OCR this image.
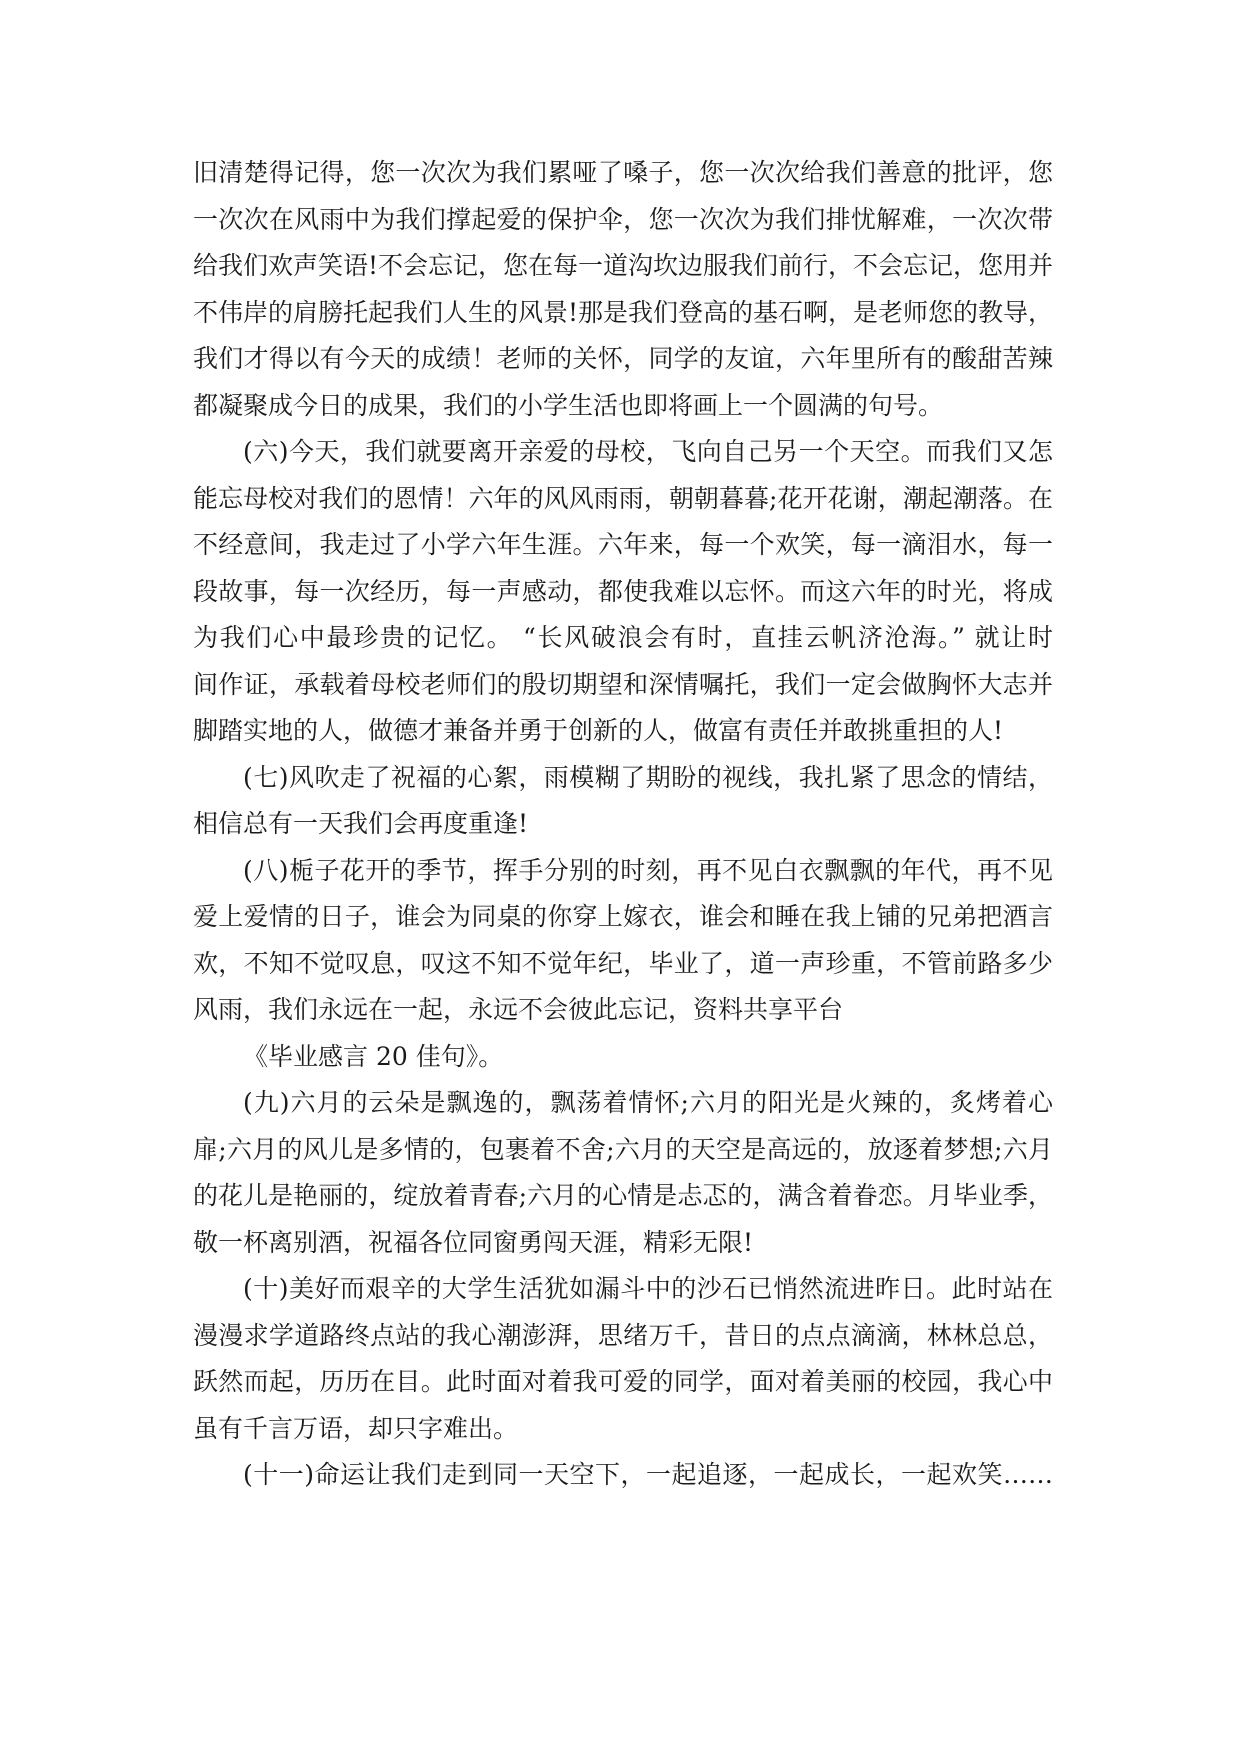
旧清楚得记得，您一次次为我们累哑了嗓子，您一次次给我们善意的批评，您
一次次在风雨中为我们撑起爱的保护伞，您一次次为我们排忧解难，一次次带
给我们欢声笑语!不会忘记，您在每一道沟坎边服我们前行，不会忘记，您用并
不伟岸的肩膀托起我们人生的风景!那是我们登高的基石啊，是老师您的教导，
我们才得以有今天的成绩！老师的关怀，同学的友谊，六年里所有的酸甜苦辣
都凝聚成今日的成果，我们的小学生活也即将画上一个圆满的句号。
(六)今天，我们就要离开亲爱的母校，飞向自己另一个天空。而我们又怎
能忘母校对我们的恩情！六年的风风雨雨，朝朝暮暮;花开花谢，潮起潮落。在
不经意间，我走过了小学六年生涯。六年来，每一个欢笑，每一滴泪水，每一
段故事，每一次经历，每一声感动，都使我难以忘怀。而这六年的时光，将成
为我们心中最珍贵的记忆。 “长风破浪会有时，直挂云帆济沧海。” 就让时
间作证，承载着母校老师们的殷切期望和深情嘱托，我们一定会做胸怀大志并
脚踏实地的人，做德才兼备并勇于创新的人，做富有责任并敢挑重担的人!
(七)风吹走了祝福的心絮，雨模糊了期盼的视线，我扎紧了思念的情结，
相信总有一天我们会再度重逢!
(八)栀子花开的季节，挥手分别的时刻，再不见白衣飘飘的年代，再不见
爱上爱情的日子，谁会为同桌的你穿上嫁衣，谁会和睡在我上铺的兄弟把酒言
欢，不知不觉叹息，叹这不知不觉年纪，毕业了，道一声珍重，不管前路多少
风雨，我们永远在一起，永远不会彼此忘记，资料共享平台
《毕业感言 20 佳句》。
(九)六月的云朵是飘逸的，飘荡着情怀;六月的阳光是火辣的，炙烤着心
扉;六月的风儿是多情的，包裹着不舍;六月的天空是高远的，放逐着梦想;六月
的花儿是艳丽的，绽放着青春;六月的心情是忐忑的，满含着眷恋。月毕业季，
敬一杯离别酒，祝福各位同窗勇闯天涯，精彩无限!
(十)美好而艰辛的大学生活犹如漏斗中的沙石已悄然流进昨日。此时站在
漫漫求学道路终点站的我心潮澎湃，思绪万千，昔日的点点滴滴，林林总总，
跃然而起，历历在目。此时面对着我可爱的同学，面对着美丽的校园，我心中
虽有千言万语，却只字难出。
(十一)命运让我们走到同一天空下，一起追逐，一起成长，一起欢笑……
